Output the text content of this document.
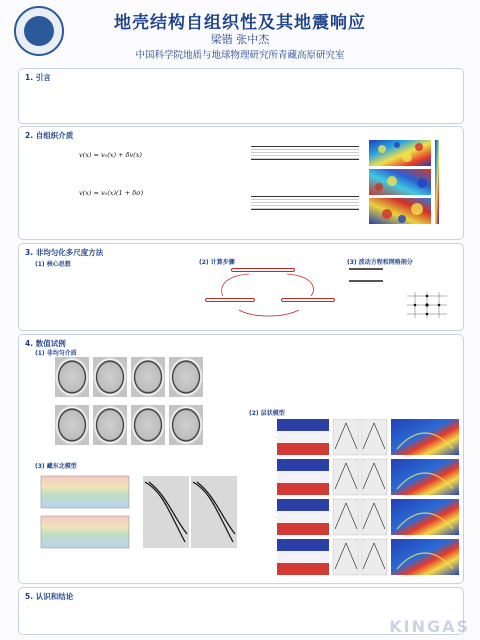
地壳结构自组织性及其地震响应
梁锴 张中杰
中国科学院地质与地球物理研究所青藏高原研究室
1. 引言
2. 自组织介质
v(x) = v₀(x) + δv(x)
v(x) = v₀(x)(1 + δσ)

3. 非均匀化多尺度方法
(1) 核心思想	(2) 计算步骤	(3) 波动方程和网格剖分
4. 数值试例
(1) 非均匀介质
(3) 藏东北模型
(2) 层状模型
5. 认识和结论
KINGAS
